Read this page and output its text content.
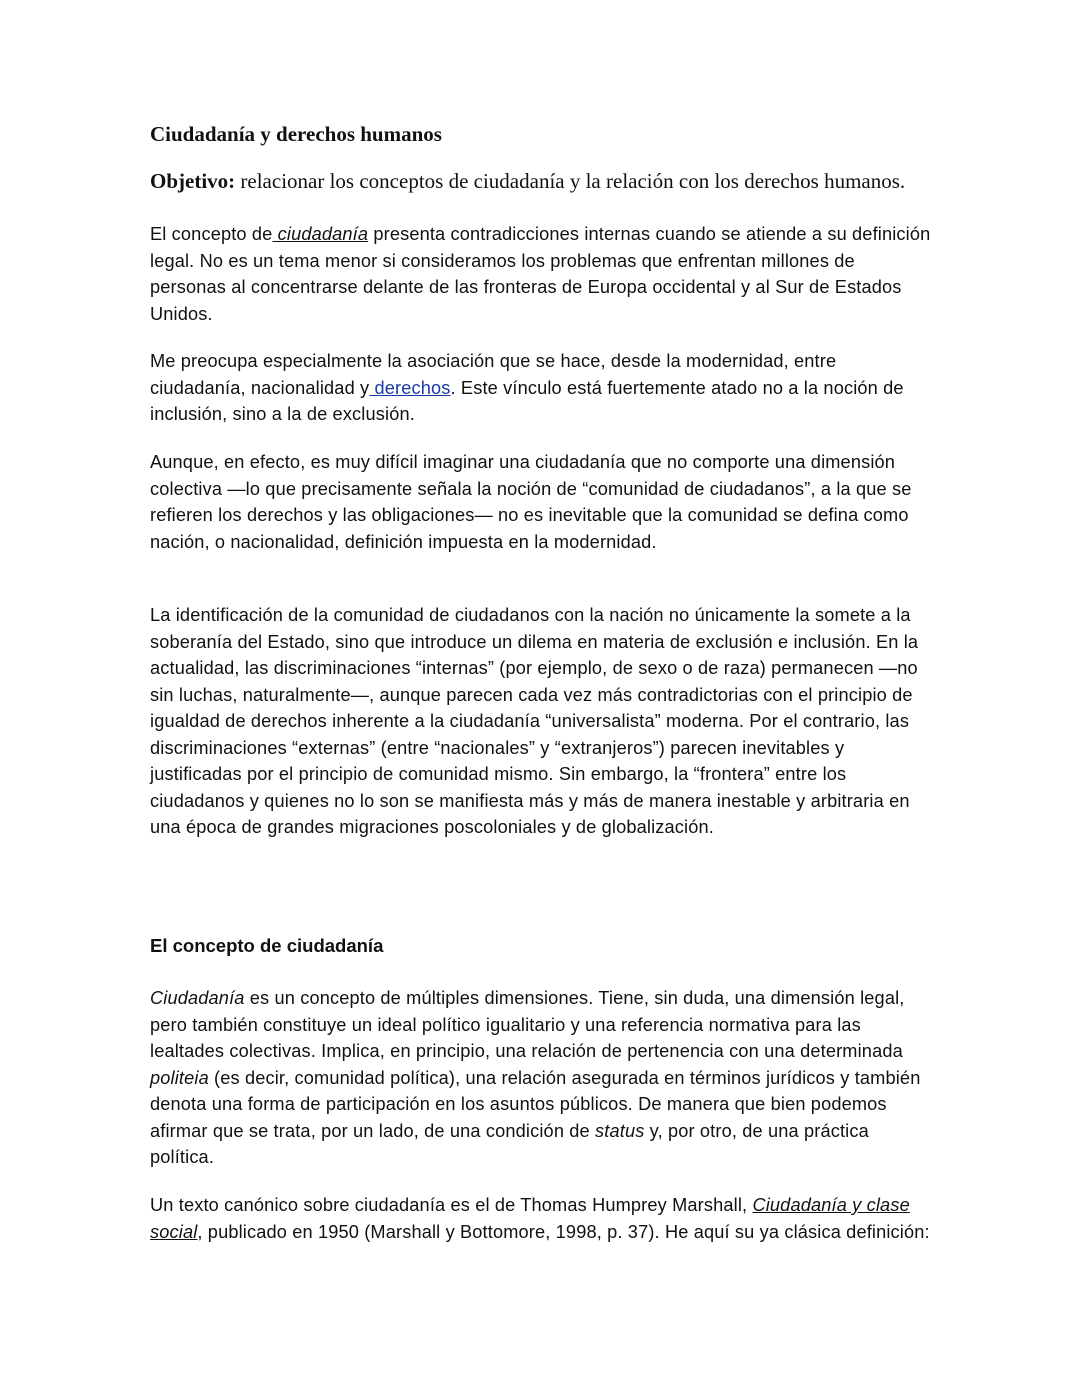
Ciudadanía y derechos humanos

Objetivo: relacionar los conceptos de ciudadanía y la relación con los derechos humanos.

El concepto de ciudadanía presenta contradicciones internas cuando se atiende a su definición legal. No es un tema menor si consideramos los problemas que enfrentan millones de personas al concentrarse delante de las fronteras de Europa occidental y al Sur de Estados Unidos.

Me preocupa especialmente la asociación que se hace, desde la modernidad, entre ciudadanía, nacionalidad y derechos. Este vínculo está fuertemente atado no a la noción de inclusión, sino a la de exclusión.

Aunque, en efecto, es muy difícil imaginar una ciudadanía que no comporte una dimensión colectiva —lo que precisamente señala la noción de “comunidad de ciudadanos”, a la que se refieren los derechos y las obligaciones— no es inevitable que la comunidad se defina como nación, o nacionalidad, definición impuesta en la modernidad.

La identificación de la comunidad de ciudadanos con la nación no únicamente la somete a la soberanía del Estado, sino que introduce un dilema en materia de exclusión e inclusión. En la actualidad, las discriminaciones “internas” (por ejemplo, de sexo o de raza) permanecen —no sin luchas, naturalmente—, aunque parecen cada vez más contradictorias con el principio de igualdad de derechos inherente a la ciudadanía “universalista” moderna. Por el contrario, las discriminaciones “externas” (entre “nacionales” y “extranjeros”) parecen inevitables y justificadas por el principio de comunidad mismo. Sin embargo, la “frontera” entre los ciudadanos y quienes no lo son se manifiesta más y más de manera inestable y arbitraria en una época de grandes migraciones poscoloniales y de globalización.

El concepto de ciudadanía

Ciudadanía es un concepto de múltiples dimensiones. Tiene, sin duda, una dimensión legal, pero también constituye un ideal político igualitario y una referencia normativa para las lealtades colectivas. Implica, en principio, una relación de pertenencia con una determinada politeia (es decir, comunidad política), una relación asegurada en términos jurídicos y también denota una forma de participación en los asuntos públicos. De manera que bien podemos afirmar que se trata, por un lado, de una condición de status y, por otro, de una práctica política.

Un texto canónico sobre ciudadanía es el de Thomas Humprey Marshall, Ciudadanía y clase social, publicado en 1950 (Marshall y Bottomore, 1998, p. 37). He aquí su ya clásica definición:
